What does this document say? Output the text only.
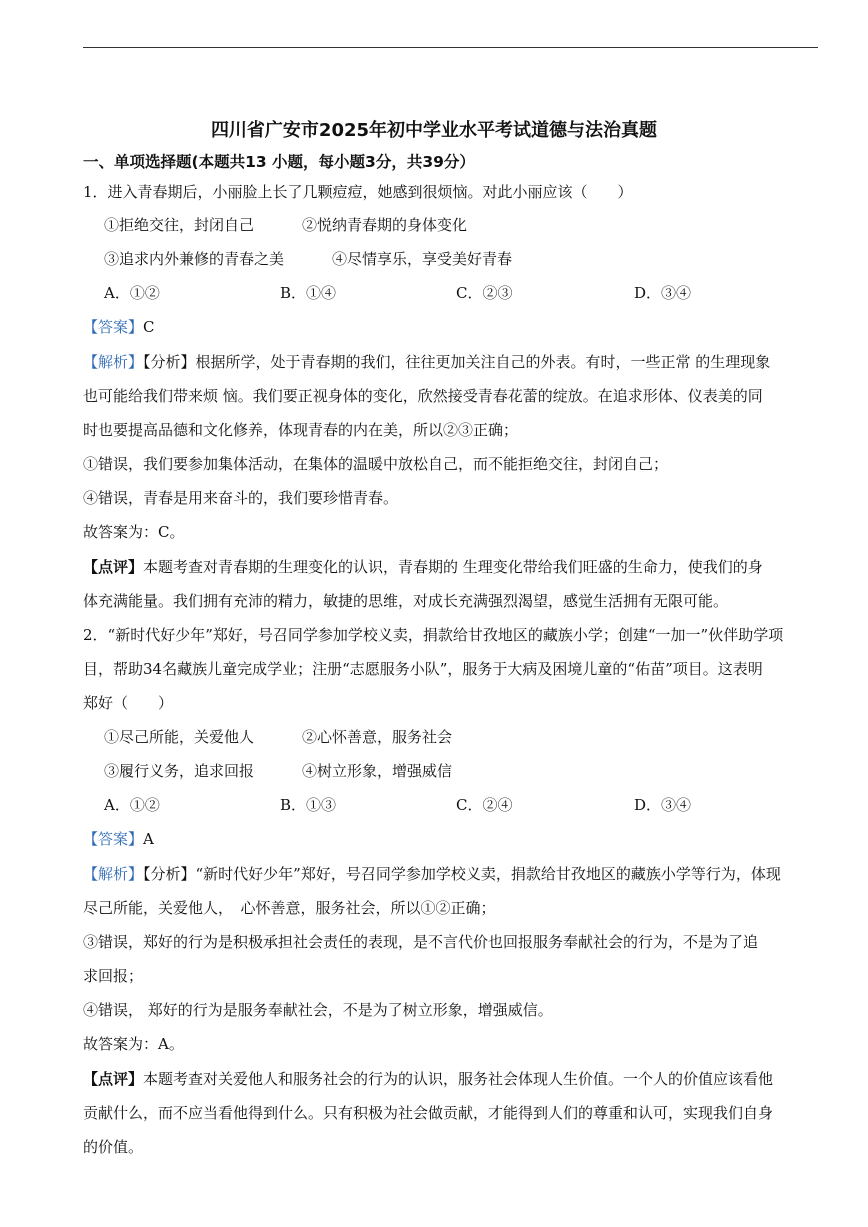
四川省广安市2025年初中学业水平考试道德与法治真题
一、单项选择题(本题共13 小题，每小题3分，共39分）
1．进入青春期后，小丽脸上长了几颗痘痘，她感到很烦恼。对此小丽应该（　　）
①拒绝交往，封闭自己	②悦纳青春期的身体变化
③追求内外兼修的青春之美	④尽情享乐，享受美好青春
A．①②	B．①④	C．②③	D．③④
【答案】C
【解析】【分析】根据所学，处于青春期的我们，往往更加关注自己的外表。有时，一些正常 的生理现象
也可能给我们带来烦 恼。我们要正视身体的变化，欣然接受青春花蕾的绽放。在追求形体、仪表美的同
时也要提高品德和文化修养，体现青春的内在美，所以②③正确；
①错误，我们要参加集体活动，在集体的温暖中放松自己，而不能拒绝交往，封闭自己；
④错误，青春是用来奋斗的，我们要珍惜青春。
故答案为：C。
【点评】本题考查对青春期的生理变化的认识，青春期的 生理变化带给我们旺盛的生命力，使我们的身
体充满能量。我们拥有充沛的精力，敏捷的思维，对成长充满强烈渴望，感觉生活拥有无限可能。
2．“新时代好少年”郑好，号召同学参加学校义卖，捐款给甘孜地区的藏族小学；创建“一加一”伙伴助学项
目，帮助34名藏族儿童完成学业；注册“志愿服务小队”，服务于大病及困境儿童的“佑苗”项目。这表明
郑好（　　）
①尽己所能，关爱他人	②心怀善意，服务社会
③履行义务，追求回报	④树立形象，增强威信
A．①②	B．①③	C．②④	D．③④
【答案】A
【解析】【分析】“新时代好少年”郑好，号召同学参加学校义卖，捐款给甘孜地区的藏族小学等行为，体现
尽己所能，关爱他人，　心怀善意，服务社会，所以①②正确；
③错误，郑好的行为是积极承担社会责任的表现，是不言代价也回报服务奉献社会的行为，不是为了追
求回报；
④错误， 郑好的行为是服务奉献社会，不是为了树立形象，增强威信。
故答案为：A。
【点评】本题考查对关爱他人和服务社会的行为的认识，服务社会体现人生价值。一个人的价值应该看他
贡献什么，而不应当看他得到什么。只有积极为社会做贡献，才能得到人们的尊重和认可，实现我们自身
的价值。
